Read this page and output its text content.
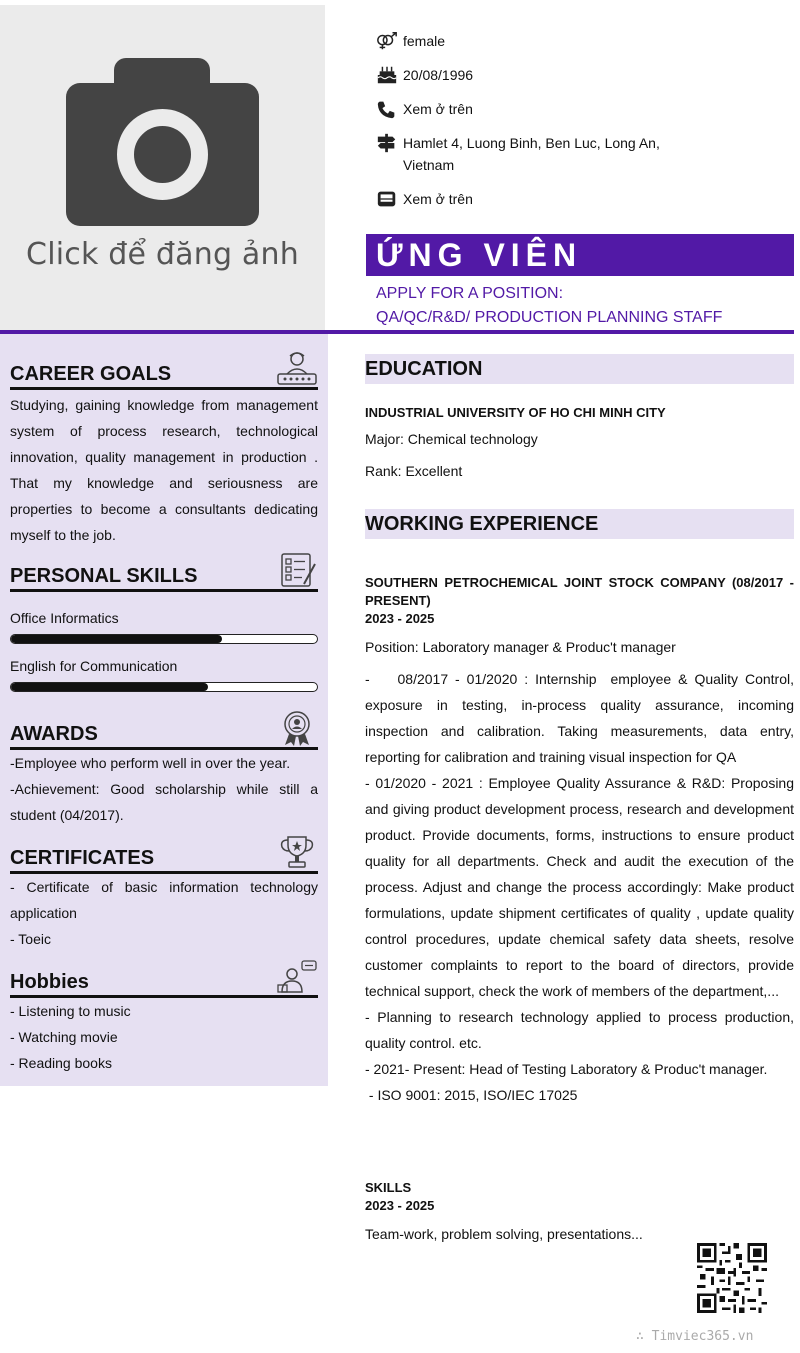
Click để đăng ảnh
female
20/08/1996
Xem ở trên
Hamlet 4, Luong Binh, Ben Luc, Long An, Vietnam
Xem ở trên
ỨNG VIÊN
APPLY FOR A POSITION:
QA/QC/R&D/ PRODUCTION PLANNING STAFF
CAREER GOALS

Studying, gaining knowledge from management system of process research, technological innovation, quality management in production . That my knowledge and seriousness are properties to become a consultants dedicating myself to the job.

PERSONAL SKILLS
Office Informatics
English for Communication
AWARDS

-Employee who perform well in over the year.

-Achievement: Good scholarship while still a student (04/2017).

CERTIFICATES

- Certificate of basic information technology application

- Toeic

Hobbies

- Listening to music

- Watching movie

- Reading books

EDUCATION
INDUSTRIAL UNIVERSITY OF HO CHI MINH CITY
Major: Chemical technology
Rank: Excellent
WORKING EXPERIENCE
SOUTHERN PETROCHEMICAL JOINT STOCK COMPANY (08/2017 - PRESENT)
2023 - 2025
Position: Laboratory manager & Produc't manager

-    08/2017 - 01/2020 : Internship  employee & Quality Control, exposure in testing, in-process quality assurance, incoming inspection and calibration. Taking measurements, data entry, reporting for calibration and training visual inspection for QA

- 01/2020 - 2021 : Employee Quality Assurance & R&D: Proposing and giving product development process, research and development product. Provide documents, forms, instructions to ensure product quality for all departments. Check and audit the execution of the process. Adjust and change the process accordingly: Make product formulations, update shipment certificates of quality , update quality control procedures, update chemical safety data sheets, resolve customer complaints to report to the board of directors, provide technical support, check the work of members of the department,...

- Planning to research technology applied to process production, quality control. etc.

- 2021- Present: Head of Testing Laboratory & Produc't manager.

- ISO 9001: 2015, ISO/IEC 17025

SKILLS
2023 - 2025
Team-work, problem solving, presentations...
∴ Timviec365.vn
